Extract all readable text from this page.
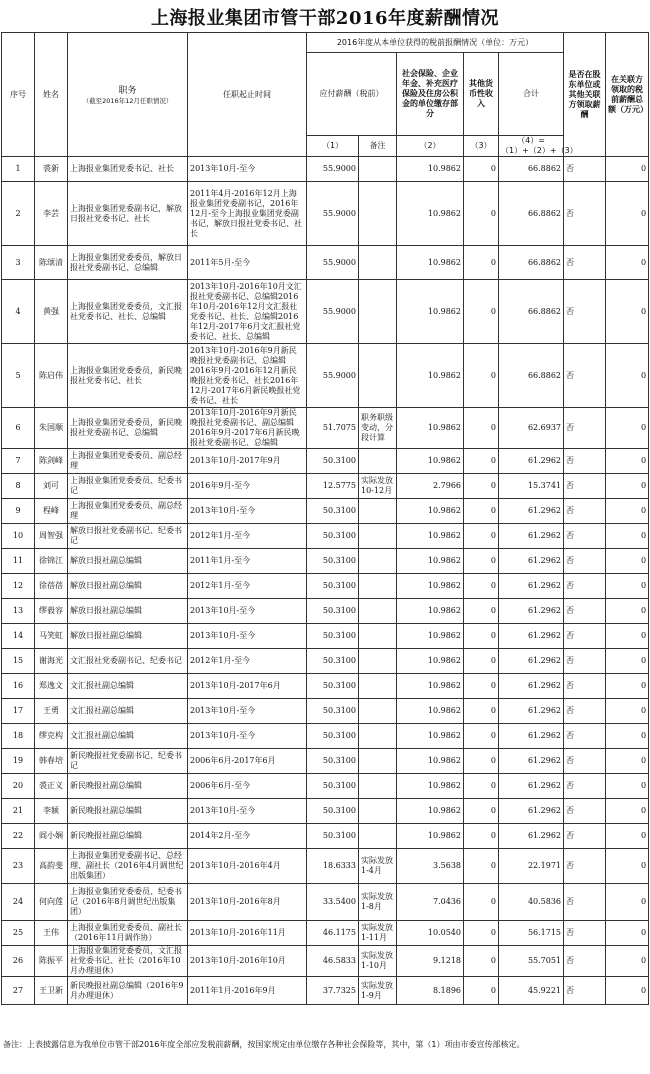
上海报业集团市管干部2016年度薪酬情况
序号	姓名	职务
（截至2016年12月任职情况）	任职起止时间	2016年度从本单位获得的税前报酬情况（单位：万元）					是否在股东单位或其他关联方领取薪酬	在关联方领取的税前薪酬总额（万元）
				应付薪酬（税前）		社会保险、企业年金、补充医疗保险及住房公积金的单位缴存部分	其他货币性收入	合计		
				（1）	备注	（2）	（3）	（4）=（1）+（2）+（3）		
1	裘新	上海报业集团党委书记、社长	2013年10月-至今	55.9000		10.9862	0	66.8862	否	0
2	李芸	上海报业集团党委副书记，解放日报社党委书记、社长	2011年4月-2016年12月上海报业集团党委副书记，2016年12月-至今上海报业集团党委副书记，解放日报社党委书记、社长	55.9000		10.9862	0	66.8862	否	0
3	陈颂清	上海报业集团党委委员，解放日报社党委副书记、总编辑	2011年5月-至今	55.9000		10.9862	0	66.8862	否	0
4	黄强	上海报业集团党委委员，文汇报社党委书记、社长、总编辑	2013年10月-2016年10月文汇报社党委副书记、总编辑2016年10月-2016年12月文汇报社党委书记、社长、总编辑2016年12月-2017年6月文汇报社党委书记、社长、总编辑	55.9000		10.9862	0	66.8862	否	0
5	陈启伟	上海报业集团党委委员，新民晚报社党委书记、社长	2013年10月-2016年9月新民晚报社党委副书记、总编辑2016年9月-2016年12月新民晚报社党委书记、社长2016年12月-2017年6月新民晚报社党委书记、社长	55.9000		10.9862	0	66.8862	否	0
6	朱国顺	上海报业集团党委委员，新民晚报社党委副书记、总编辑	2013年10月-2016年9月新民晚报社党委副书记、副总编辑2016年9月-2017年6月新民晚报社党委副书记、总编辑	51.7075	职务职级变动，分段计算	10.9862	0	62.6937	否	0
7	陈剑峰	上海报业集团党委委员、副总经理	2013年10月-2017年9月	50.3100		10.9862	0	61.2962	否	0
8	刘可	上海报业集团党委委员、纪委书记	2016年9月-至今	12.5775	实际发放10-12月	2.7966	0	15.3741	否	0
9	程峰	上海报业集团党委委员、副总经理	2013年10月-至今	50.3100		10.9862	0	61.2962	否	0
10	周智强	解放日报社党委副书记、纪委书记	2012年1月-至今	50.3100		10.9862	0	61.2962	否	0
11	徐锦江	解放日报社副总编辑	2011年1月-至今	50.3100		10.9862	0	61.2962	否	0
12	徐蓓蓓	解放日报社副总编辑	2012年1月-至今	50.3100		10.9862	0	61.2962	否	0
13	缪毅容	解放日报社副总编辑	2013年10月-至今	50.3100		10.9862	0	61.2962	否	0
14	马笑虹	解放日报社副总编辑	2013年10月-至今	50.3100		10.9862	0	61.2962	否	0
15	谢海光	文汇报社党委副书记、纪委书记	2012年1月-至今	50.3100		10.9862	0	61.2962	否	0
16	郑逸文	文汇报社副总编辑	2013年10月-2017年6月	50.3100		10.9862	0	61.2962	否	0
17	王勇	文汇报社副总编辑	2013年10月-至今	50.3100		10.9862	0	61.2962	否	0
18	缪克构	文汇报社副总编辑	2013年10月-至今	50.3100		10.9862	0	61.2962	否	0
19	韩春培	新民晚报社党委副书记、纪委书记	2006年6月-2017年6月	50.3100		10.9862	0	61.2962	否	0
20	裘正义	新民晚报社副总编辑	2006年6月-至今	50.3100		10.9862	0	61.2962	否	0
21	李颖	新民晚报社副总编辑	2013年10月-至今	50.3100		10.9862	0	61.2962	否	0
22	阎小娴	新民晚报社副总编辑	2014年2月-至今	50.3100		10.9862	0	61.2962	否	0
23	高韵斐	上海报业集团党委副书记、总经理、副社长（2016年4月调世纪出版集团）	2013年10月-2016年4月	18.6333	实际发放1-4月	3.5638	0	22.1971	否	0
24	何向莲	上海报业集团党委委员、纪委书记（2016年8月调世纪出版集团）	2013年10月-2016年8月	33.5400	实际发放1-8月	7.0436	0	40.5836	否	0
25	王伟	上海报业集团党委委员、副社长（2016年11月调作协）	2013年10月-2016年11月	46.1175	实际发放1-11月	10.0540	0	56.1715	否	0
26	陈振平	上海报业集团党委委员，文汇报社党委书记、社长（2016年10月办理退休）	2013年10月-2016年10月	46.5833	实际发放1-10月	9.1218	0	55.7051	否	0
27	王卫新	新民晚报社副总编辑（2016年9月办理退休）	2011年1月-2016年9月	37.7325	实际发放1-9月	8.1896	0	45.9221	否	0
备注：上表披露信息为我单位市管干部2016年度全部应发税前薪酬，按国家规定由单位缴存各种社会保险等，其中，第（1）项由市委宣传部核定。
